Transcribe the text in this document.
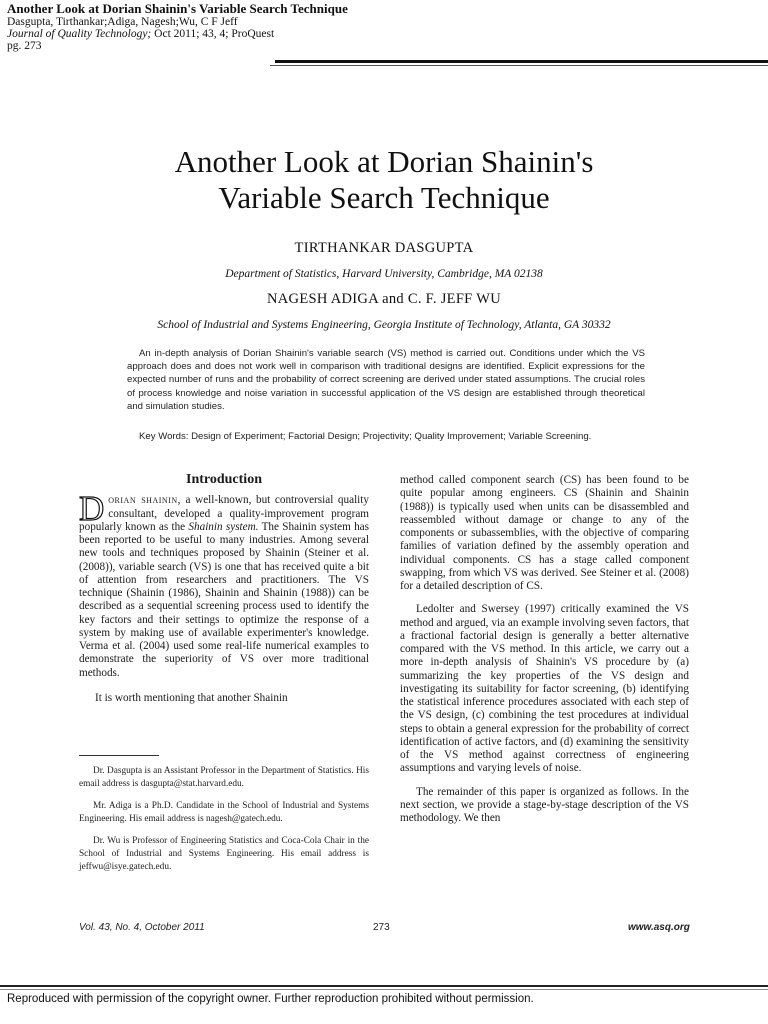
Another Look at Dorian Shainin's Variable Search Technique
Dasgupta, Tirthankar;Adiga, Nagesh;Wu, C F Jeff
Journal of Quality Technology; Oct 2011; 43, 4; ProQuest
pg. 273
Another Look at Dorian Shainin's
Variable Search Technique
TIRTHANKAR DASGUPTA
Department of Statistics, Harvard University, Cambridge, MA 02138
NAGESH ADIGA and C. F. JEFF WU
School of Industrial and Systems Engineering, Georgia Institute of Technology, Atlanta, GA 30332
An in-depth analysis of Dorian Shainin's variable search (VS) method is carried out. Conditions under which the VS approach does and does not work well in comparison with traditional designs are identified. Explicit expressions for the expected number of runs and the probability of correct screening are derived under stated assumptions. The crucial roles of process knowledge and noise variation in successful application of the VS design are established through theoretical and simulation studies.
Key Words: Design of Experiment; Factorial Design; Projectivity; Quality Improvement; Variable Screening.

Introduction

Dorian shainin, a well-known, but controversial quality consultant, developed a quality-improvement program popularly known as the Shainin system. The Shainin system has been reported to be useful to many industries. Among several new tools and techniques proposed by Shainin (Steiner et al. (2008)), variable search (VS) is one that has received quite a bit of attention from researchers and practitioners. The VS technique (Shainin (1986), Shainin and Shainin (1988)) can be described as a sequential screening process used to identify the key factors and their settings to optimize the response of a system by making use of available experimenter's knowledge. Verma et al. (2004) used some real-life numerical examples to demonstrate the superiority of VS over more traditional methods.

It is worth mentioning that another Shainin

Dr. Dasgupta is an Assistant Professor in the Department of Statistics. His email address is dasgupta@stat.harvard.edu.

Mr. Adiga is a Ph.D. Candidate in the School of Industrial and Systems Engineering. His email address is nagesh@gatech.edu.

Dr. Wu is Professor of Engineering Statistics and Coca-Cola Chair in the School of Industrial and Systems Engineering. His email address is jeffwu@isye.gatech.edu.

method called component search (CS) has been found to be quite popular among engineers. CS (Shainin and Shainin (1988)) is typically used when units can be disassembled and reassembled without damage or change to any of the components or subassemblies, with the objective of comparing families of variation defined by the assembly operation and individual components. CS has a stage called component swapping, from which VS was derived. See Steiner et al. (2008) for a detailed description of CS.

Ledolter and Swersey (1997) critically examined the VS method and argued, via an example involving seven factors, that a fractional factorial design is generally a better alternative compared with the VS method. In this article, we carry out a more in-depth analysis of Shainin's VS procedure by (a) summarizing the key properties of the VS design and investigating its suitability for factor screening, (b) identifying the statistical inference procedures associated with each step of the VS design, (c) combining the test procedures at individual steps to obtain a general expression for the probability of correct identification of active factors, and (d) examining the sensitivity of the VS method against correctness of engineering assumptions and varying levels of noise.

The remainder of this paper is organized as follows. In the next section, we provide a stage-by-stage description of the VS methodology. We then

Vol. 43, No. 4, October 2011	273	www.asq.org
Reproduced with permission of the copyright owner. Further reproduction prohibited without permission.
